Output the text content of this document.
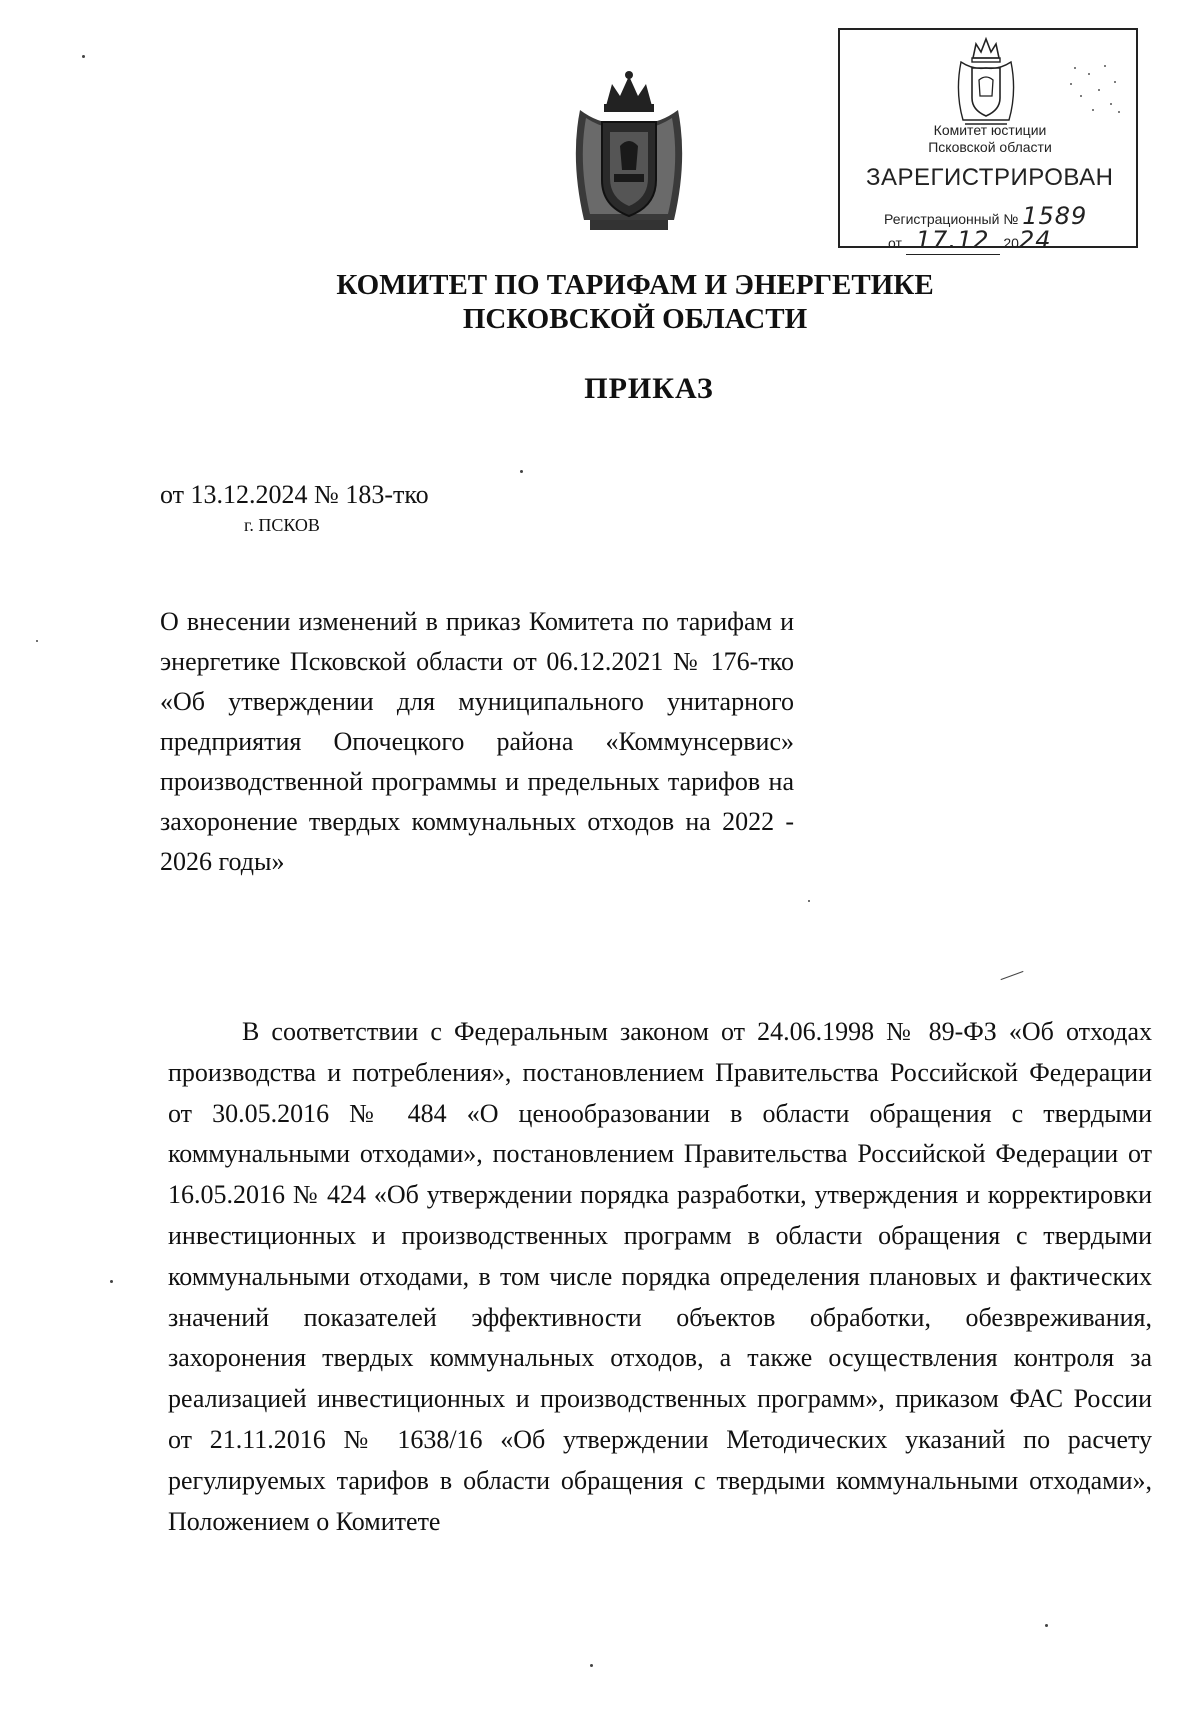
Комитет юстиции
Псковской области
ЗАРЕГИСТРИРОВАН
Регистрационный № 1589
от 17.12 2024
КОМИТЕТ ПО ТАРИФАМ И ЭНЕРГЕТИКЕ
ПСКОВСКОЙ ОБЛАСТИ
ПРИКАЗ
от 13.12.2024 № 183-тко
г. ПСКОВ
О внесении изменений в приказ Комитета по тарифам и энергетике Псковской области от 06.12.2021 № 176-тко «Об утверждении для муниципального унитарного предприятия Опочецкого района «Коммунсервис» производственной программы и предельных тарифов на захоронение твердых коммунальных отходов на 2022 - 2026 годы»
В соответствии с Федеральным законом от 24.06.1998 № 89-ФЗ «Об отходах производства и потребления», постановлением Правительства Российской Федерации от 30.05.2016 № 484 «О ценообразовании в области обращения с твердыми коммунальными отходами», постановлением Правительства Российской Федерации от 16.05.2016 № 424 «Об утверждении порядка разработки, утверждения и корректировки инвестиционных и производственных программ в области обращения с твердыми коммунальными отходами, в том числе порядка определения плановых и фактических значений показателей эффективности объектов обработки, обезвреживания, захоронения твердых коммунальных отходов, а также осуществления контроля за реализацией инвестиционных и производственных программ», приказом ФАС России от 21.11.2016 № 1638/16 «Об утверждении Методических указаний по расчету регулируемых тарифов в области обращения с твердыми коммунальными отходами», Положением о Комитете
